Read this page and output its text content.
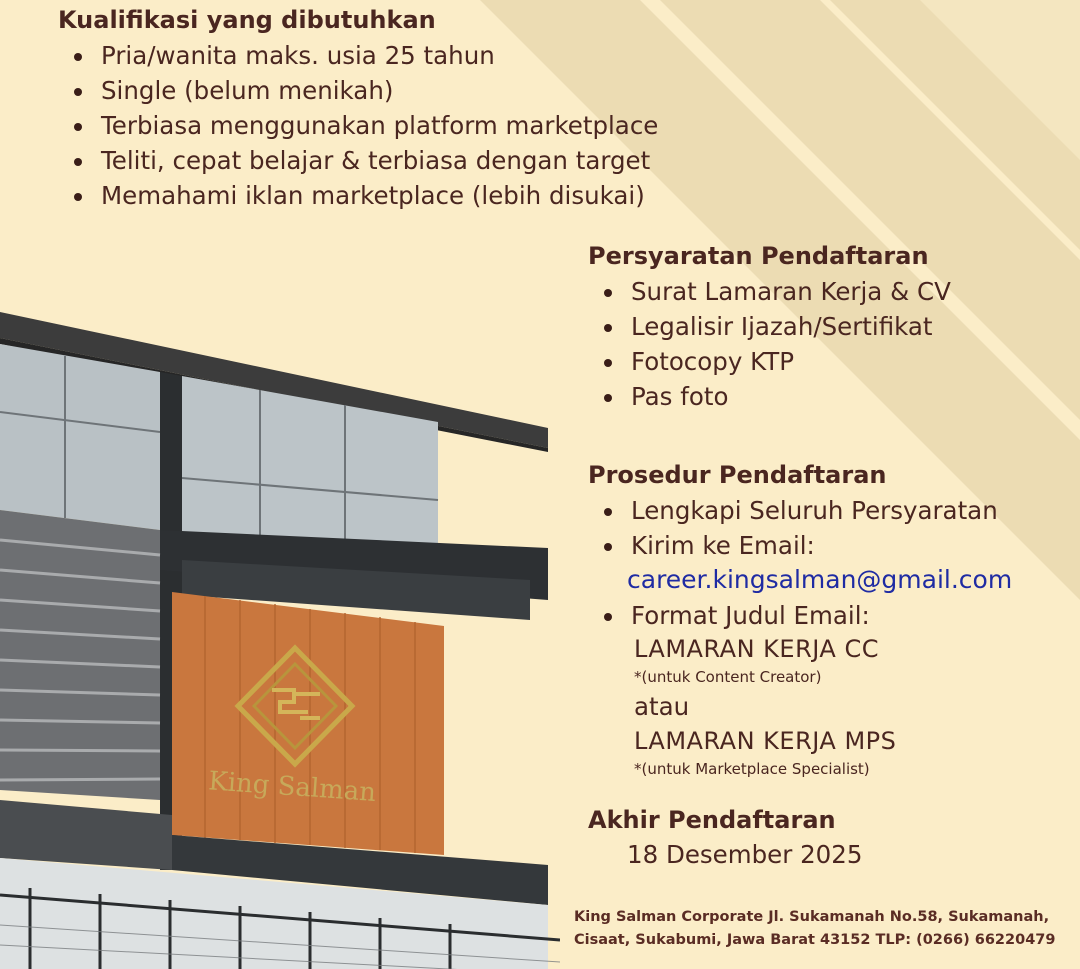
Kualifikasi yang dibutuhkan
Pria/wanita maks. usia 25 tahun
Single (belum menikah)
Terbiasa menggunakan platform marketplace
Teliti, cepat belajar & terbiasa dengan target
Memahami iklan marketplace (lebih disukai)
Persyaratan Pendaftaran
Surat Lamaran Kerja & CV
Legalisir Ijazah/Sertifikat
Fotocopy KTP
Pas foto
Prosedur Pendaftaran
Lengkapi Seluruh Persyaratan
Kirim ke Email:
career.kingsalman@gmail.com
Format Judul Email:
LAMARAN KERJA CC
*(untuk Content Creator)
atau
LAMARAN KERJA MPS
*(untuk Marketplace Specialist)
Akhir Pendaftaran
18 Desember 2025
King Salman Corporate Jl. Sukamanah No.58, Sukamanah,
Cisaat, Sukabumi, Jawa Barat 43152 TLP: (0266) 66220479
King Salman
